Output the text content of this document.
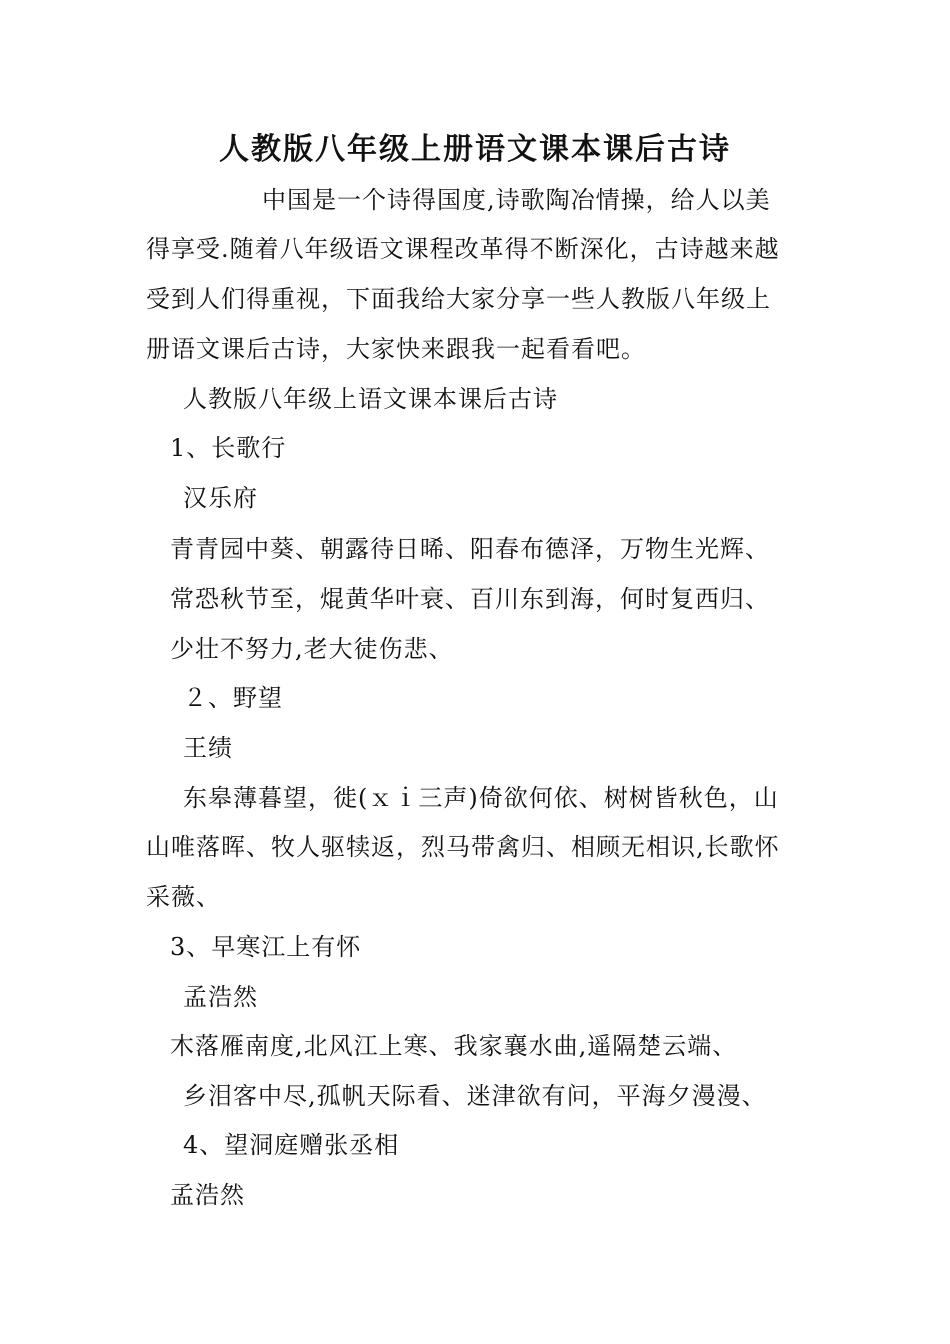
人教版八年级上册语文课本课后古诗
中国是一个诗得国度,诗歌陶冶情操，给人以美
得享受.随着八年级语文课程改革得不断深化，古诗越来越
受到人们得重视，下面我给大家分享一些人教版八年级上
册语文课后古诗，大家快来跟我一起看看吧。
人教版八年级上语文课本课后古诗
1、长歌行
汉乐府
青青园中葵、朝露待日晞、阳春布德泽，万物生光辉、
常恐秋节至，焜黄华叶衰、百川东到海，何时复西归、
少壮不努力,老大徒伤悲、
２、野望
王绩
东皋薄暮望，徙(ｘｉ三声)倚欲何依、树树皆秋色，山
山唯落晖、牧人驱犊返，烈马带禽归、相顾无相识,长歌怀
采薇、
3、早寒江上有怀
孟浩然
木落雁南度,北风江上寒、我家襄水曲,遥隔楚云端、
乡泪客中尽,孤帆天际看、迷津欲有问，平海夕漫漫、
4、望洞庭赠张丞相
孟浩然
